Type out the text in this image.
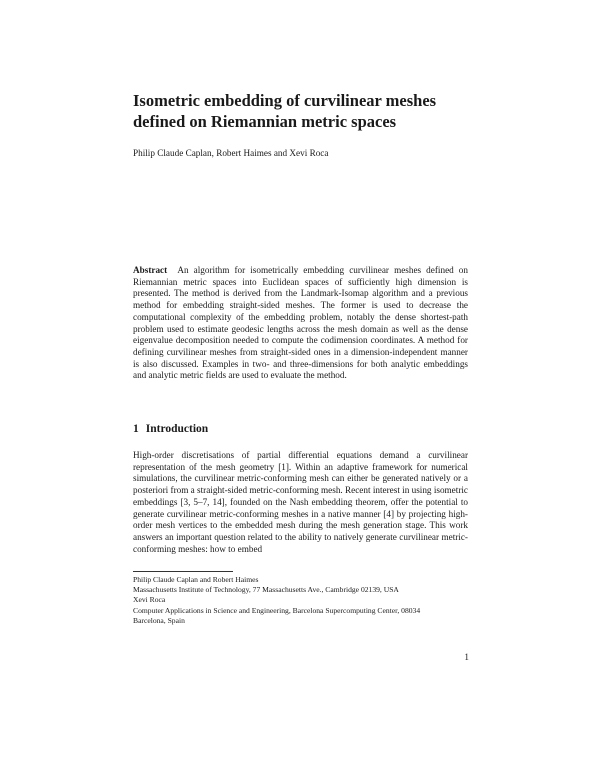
Isometric embedding of curvilinear meshes defined on Riemannian metric spaces
Philip Claude Caplan, Robert Haimes and Xevi Roca

Abstract An algorithm for isometrically embedding curvilinear meshes defined on Riemannian metric spaces into Euclidean spaces of sufficiently high dimension is presented. The method is derived from the Landmark-Isomap algorithm and a previous method for embedding straight-sided meshes. The former is used to decrease the computational complexity of the embedding problem, notably the dense shortest-path problem used to estimate geodesic lengths across the mesh domain as well as the dense eigenvalue decomposition needed to compute the codimension coordinates. A method for defining curvilinear meshes from straight-sided ones in a dimension-independent manner is also discussed. Examples in two- and three-dimensions for both analytic embeddings and analytic metric fields are used to evaluate the method.

1 Introduction

High-order discretisations of partial differential equations demand a curvilinear representation of the mesh geometry [1]. Within an adaptive framework for numerical simulations, the curvilinear metric-conforming mesh can either be generated natively or a posteriori from a straight-sided metric-conforming mesh. Recent interest in using isometric embeddings [3, 5–7, 14], founded on the Nash embedding theorem, offer the potential to generate curvilinear metric-conforming meshes in a native manner [4] by projecting high-order mesh vertices to the embedded mesh during the mesh generation stage. This work answers an important question related to the ability to natively generate curvilinear metric-conforming meshes: how to embed

Philip Claude Caplan and Robert Haimes
Massachusetts Institute of Technology, 77 Massachusetts Ave., Cambridge 02139, USA
Xevi Roca
Computer Applications in Science and Engineering, Barcelona Supercomputing Center, 08034
Barcelona, Spain
1
